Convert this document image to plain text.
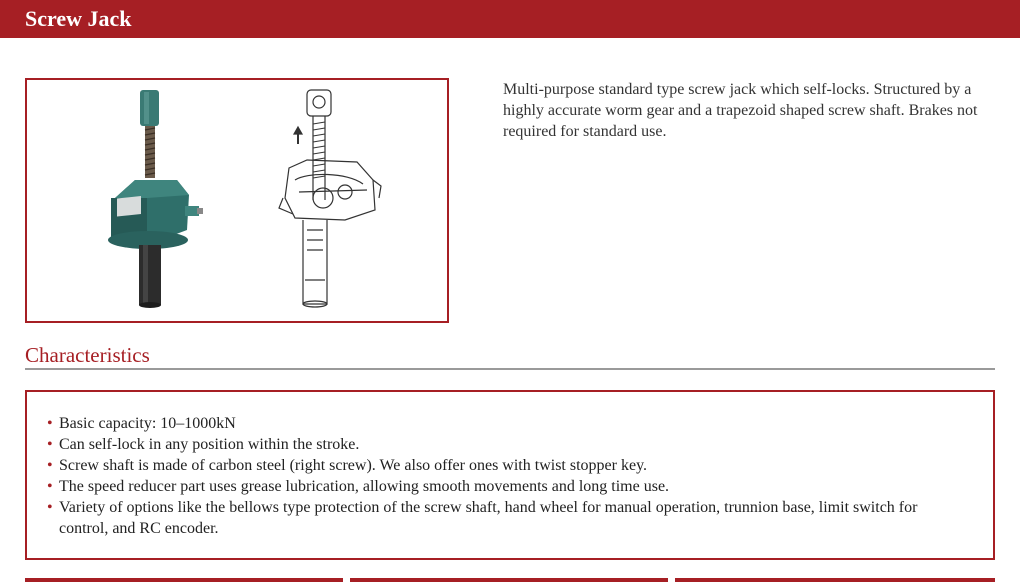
Screw Jack

Multi-purpose standard type screw jack which self-locks. Structured by a highly accurate worm gear and a trapezoid shaped screw shaft. Brakes not required for standard use.

Characteristics
• Basic capacity: 10–1000kN
• Can self-lock in any position within the stroke.
• Screw shaft is made of carbon steel (right screw). We also offer ones with twist stopper key.
• The speed reducer part uses grease lubrication, allowing smooth movements and long time use.
• Variety of options like the bellows type protection of the screw shaft, hand wheel for manual operation, trunnion base, limit switch for control, and RC encoder.
